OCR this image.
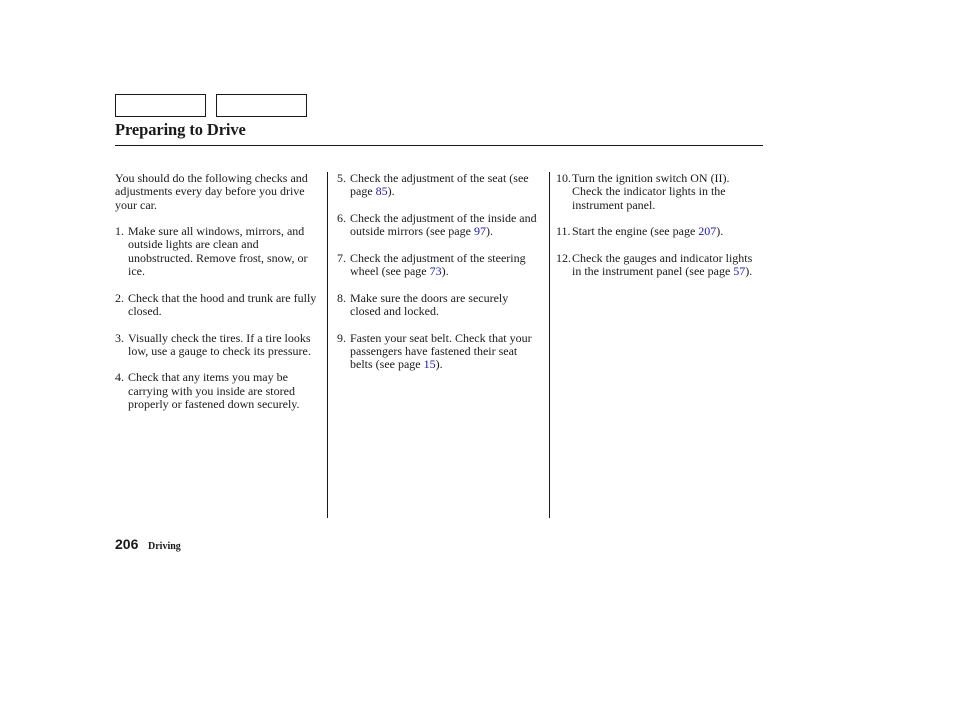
Preparing to Drive

You should do the following checks and adjustments every day before you drive your car.

1. Make sure all windows, mirrors, and outside lights are clean and unobstructed. Remove frost, snow, or ice.
2. Check that the hood and trunk are fully closed.
3. Visually check the tires. If a tire looks low, use a gauge to check its pressure.
4. Check that any items you may be carrying with you inside are stored properly or fastened down securely.
5. Check the adjustment of the seat (see page 85).
6. Check the adjustment of the inside and outside mirrors (see page 97).
7. Check the adjustment of the steering wheel (see page 73).
8. Make sure the doors are securely closed and locked.
9. Fasten your seat belt. Check that your passengers have fastened their seat belts (see page 15).
10. Turn the ignition switch ON (II). Check the indicator lights in the instrument panel.
11. Start the engine (see page 207).
12. Check the gauges and indicator lights in the instrument panel (see page 57).
206 Driving
